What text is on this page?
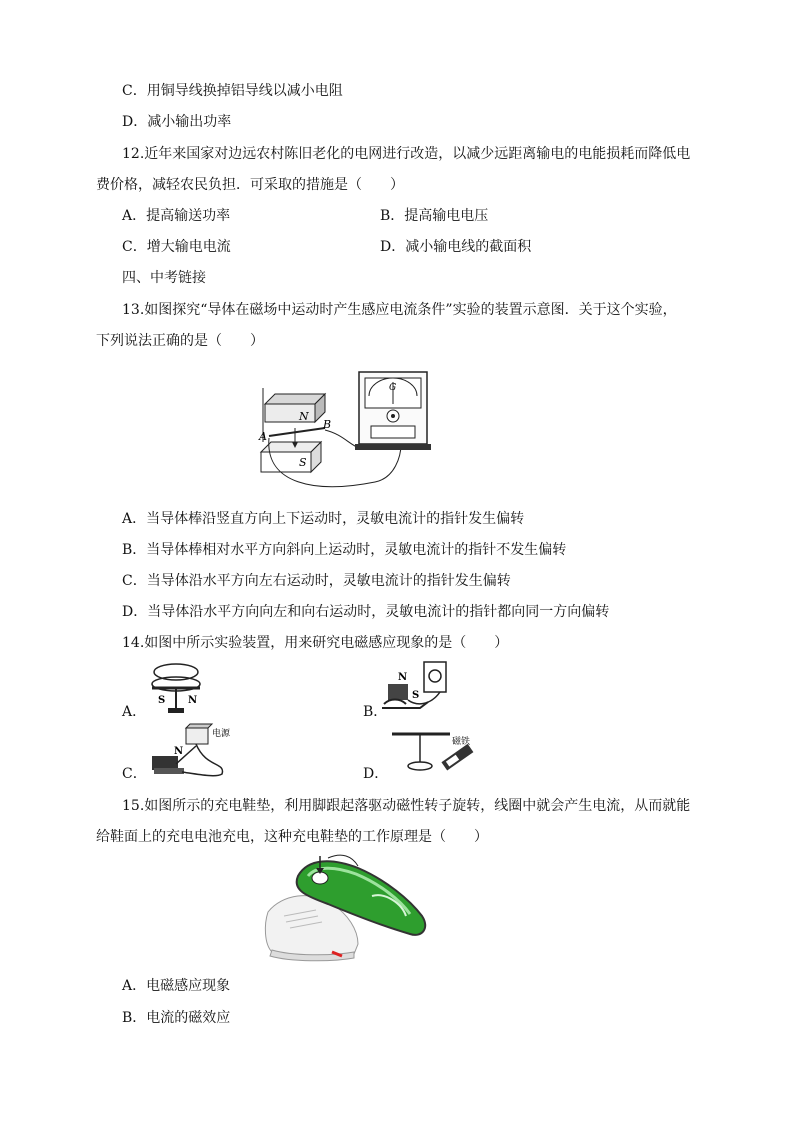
C．用铜导线换掉铝导线以减小电阻
D．减小输出功率
12.近年来国家对边远农村陈旧老化的电网进行改造，以减少远距离输电的电能损耗而降低电
费价格，减轻农民负担．可采取的措施是（　　）
A．提高输送功率	B．提高输电电压
C．增大输电电流	D．减小输电线的截面积
四、中考链接
13.如图探究“导体在磁场中运动时产生感应电流条件”实验的装置示意图．关于这个实验，
下列说法正确的是（　　）
N
S
A
B
G
A．当导体棒沿竖直方向上下运动时，灵敏电流计的指针发生偏转
B．当导体棒相对水平方向斜向上运动时，灵敏电流计的指针不发生偏转
C．当导体沿水平方向左右运动时，灵敏电流计的指针发生偏转
D．当导体沿水平方向向左和向右运动时，灵敏电流计的指针都向同一方向偏转
14.如图中所示实验装置，用来研究电磁感应现象的是（　　）
A．
S N
B．
N
S
C．
电源
N
D．
磁铁
15.如图所示的充电鞋垫，利用脚跟起落驱动磁性转子旋转，线圈中就会产生电流，从而就能
给鞋面上的充电电池充电，这种充电鞋垫的工作原理是（　　）
A．电磁感应现象
B．电流的磁效应
